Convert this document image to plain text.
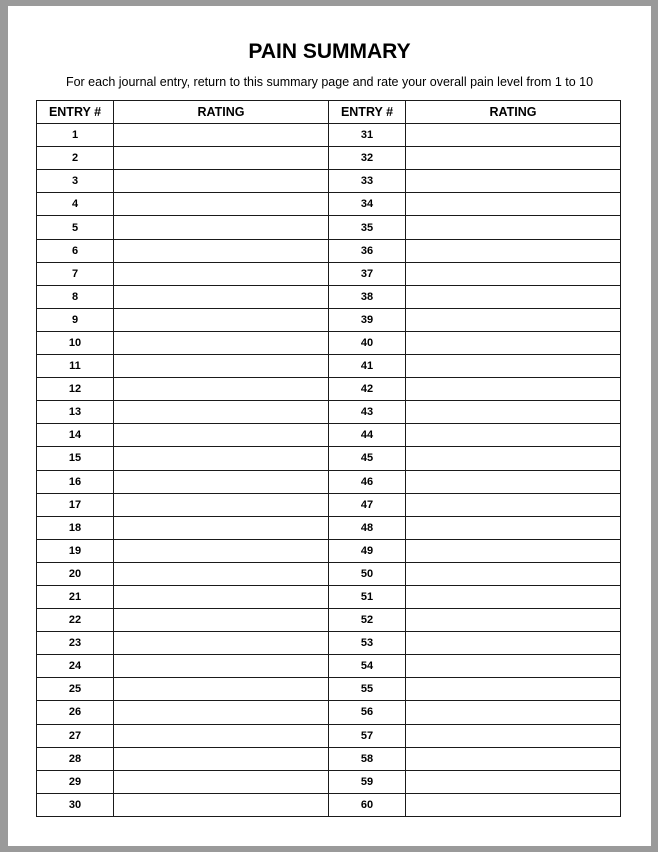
PAIN SUMMARY
For each journal entry, return to this summary page and rate your overall pain level from 1 to 10
ENTRY #	RATING	ENTRY #	RATING
1		31	
2		32	
3		33	
4		34	
5		35	
6		36	
7		37	
8		38	
9		39	
10		40	
11		41	
12		42	
13		43	
14		44	
15		45	
16		46	
17		47	
18		48	
19		49	
20		50	
21		51	
22		52	
23		53	
24		54	
25		55	
26		56	
27		57	
28		58	
29		59	
30		60	
